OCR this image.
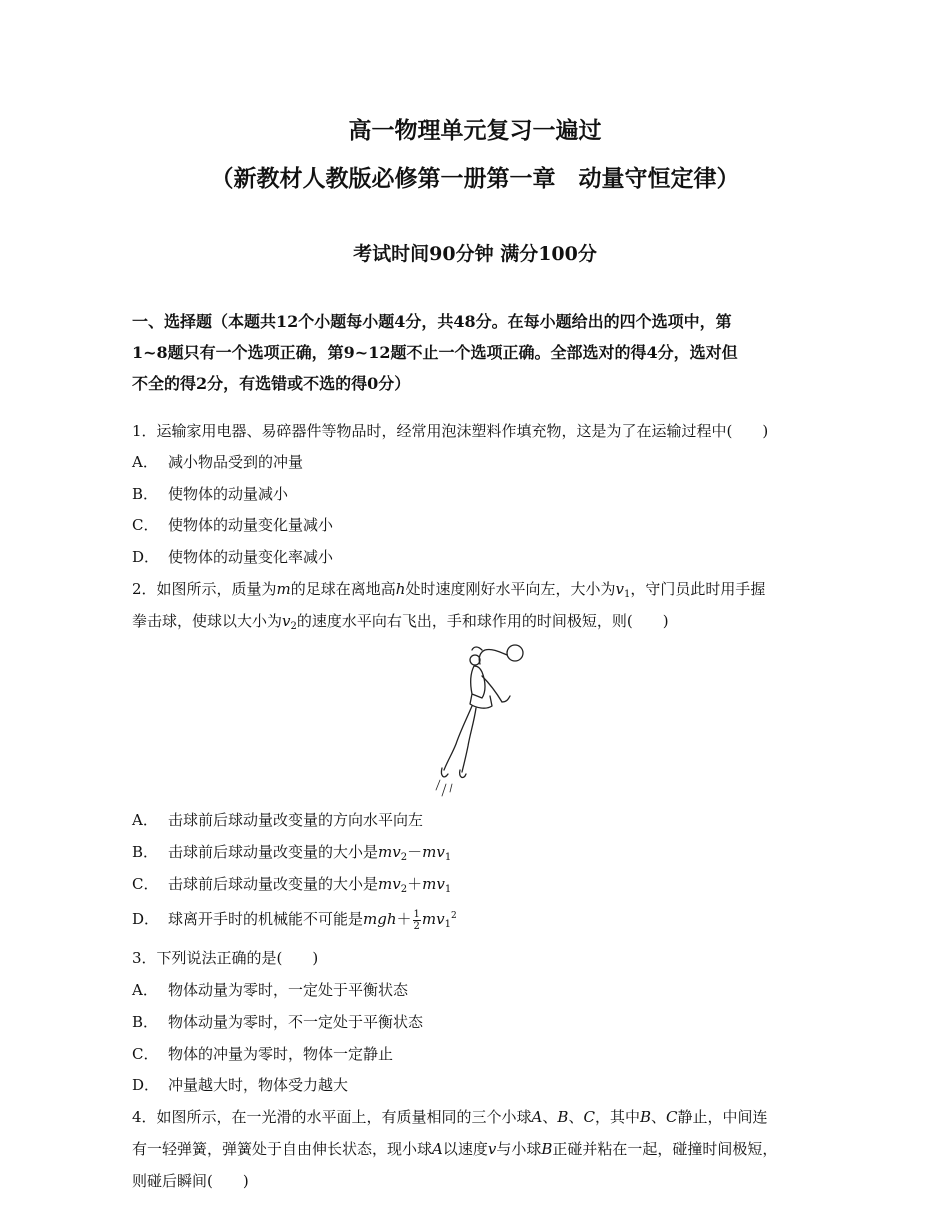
高一物理单元复习一遍过
（新教材人教版必修第一册第一章　动量守恒定律）
考试时间90分钟 满分100分
一、选择题（本题共12个小题每小题4分，共48分。在每小题给出的四个选项中，第
1~8题只有一个选项正确，第9~12题不止一个选项正确。全部选对的得4分，选对但
不全的得2分，有选错或不选的得0分）
1．运输家用电器、易碎器件等物品时，经常用泡沫塑料作填充物，这是为了在运输过程中(　　)
A． 减小物品受到的冲量
B． 使物体的动量减小
C． 使物体的动量变化量减小
D． 使物体的动量变化率减小
2．如图所示，质量为m的足球在离地高h处时速度刚好水平向左，大小为$v_1$，守门员此时用手握
拳击球，使球以大小为$v_2$的速度水平向右飞出，手和球作用的时间极短，则(　　)
A． 击球前后球动量改变量的方向水平向左
B． 击球前后球动量改变量的大小是$mv_2-mv_1$
C． 击球前后球动量改变量的大小是$mv_2+mv_1$
D． 球离开手时的机械能不可能是$mgh+ \frac{1}{2} mv_1^2$
3．下列说法正确的是(　　)
A． 物体动量为零时，一定处于平衡状态
B． 物体动量为零时，不一定处于平衡状态
C． 物体的冲量为零时，物体一定静止
D． 冲量越大时，物体受力越大
4．如图所示，在一光滑的水平面上，有质量相同的三个小球A、B、C，其中B、C静止，中间连
有一轻弹簧，弹簧处于自由伸长状态，现小球A以速度v与小球B正碰并粘在一起，碰撞时间极短，
则碰后瞬间(　　)
